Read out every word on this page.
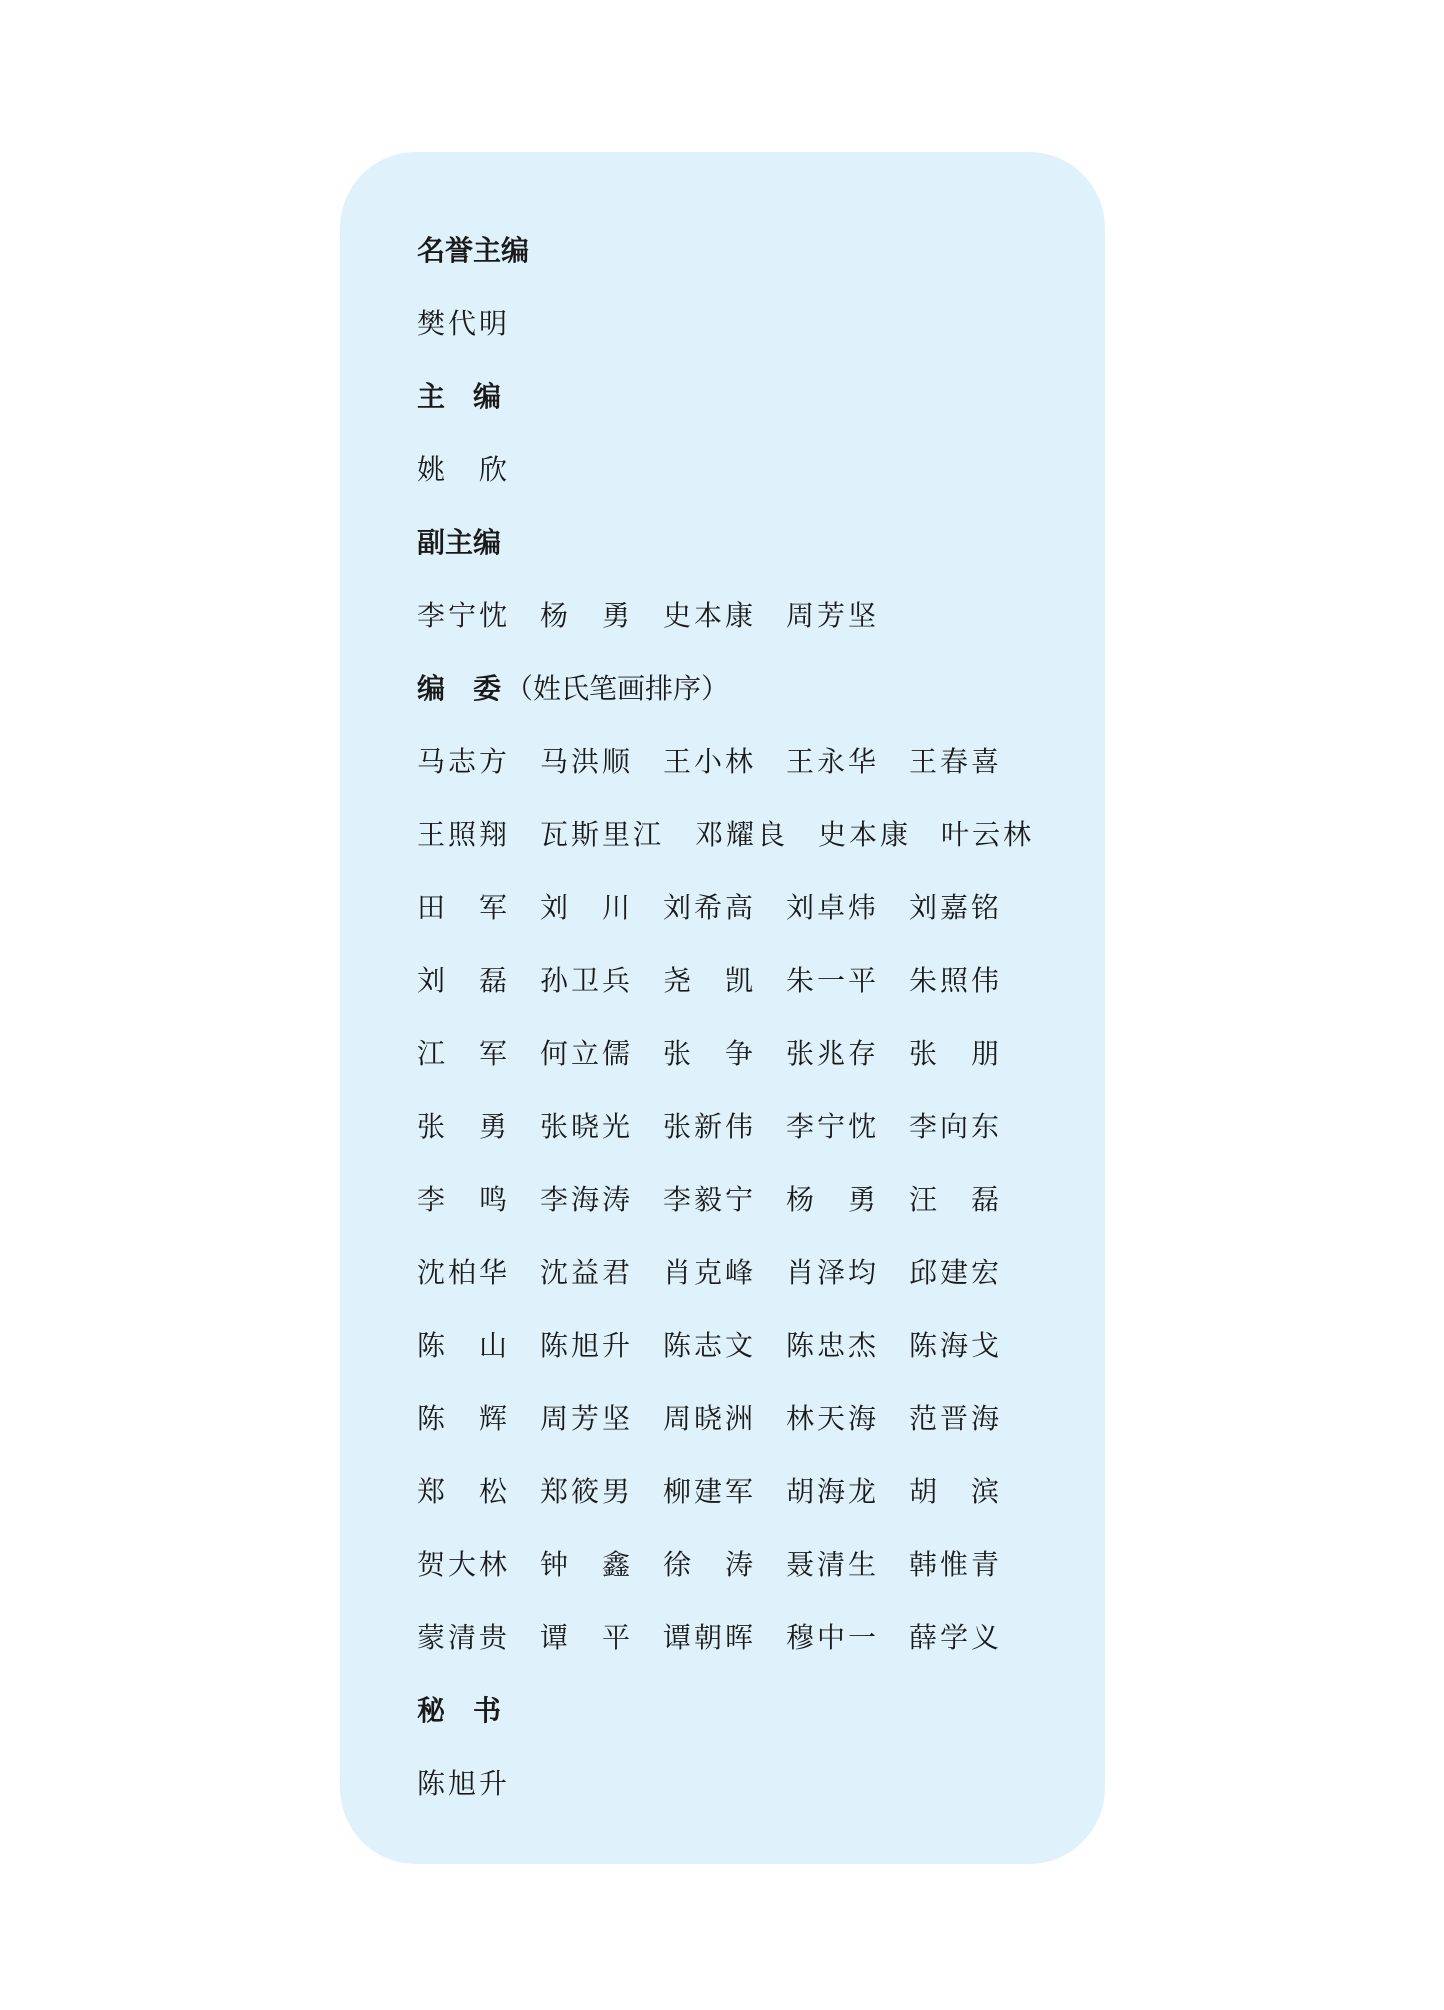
名誉主编
樊代明
主　编
姚　欣
副主编
李宁忱	杨　勇	史本康	周芳坚
编　委 （姓氏笔画排序）
马志方	马洪顺	王小林	王永华	王春喜
王照翔	瓦斯里江	邓耀良	史本康	叶云林
田　军	刘　川	刘希高	刘卓炜	刘嘉铭
刘　磊	孙卫兵	尧　凯	朱一平	朱照伟
江　军	何立儒	张　争	张兆存	张　朋
张　勇	张晓光	张新伟	李宁忱	李向东
李　鸣	李海涛	李毅宁	杨　勇	汪　磊
沈柏华	沈益君	肖克峰	肖泽均	邱建宏
陈　山	陈旭升	陈志文	陈忠杰	陈海戈
陈　辉	周芳坚	周晓洲	林天海	范晋海
郑　松	郑筱男	柳建军	胡海龙	胡　滨
贺大林	钟　鑫	徐　涛	聂清生	韩惟青
蒙清贵	谭　平	谭朝晖	穆中一	薛学义
秘　书
陈旭升
